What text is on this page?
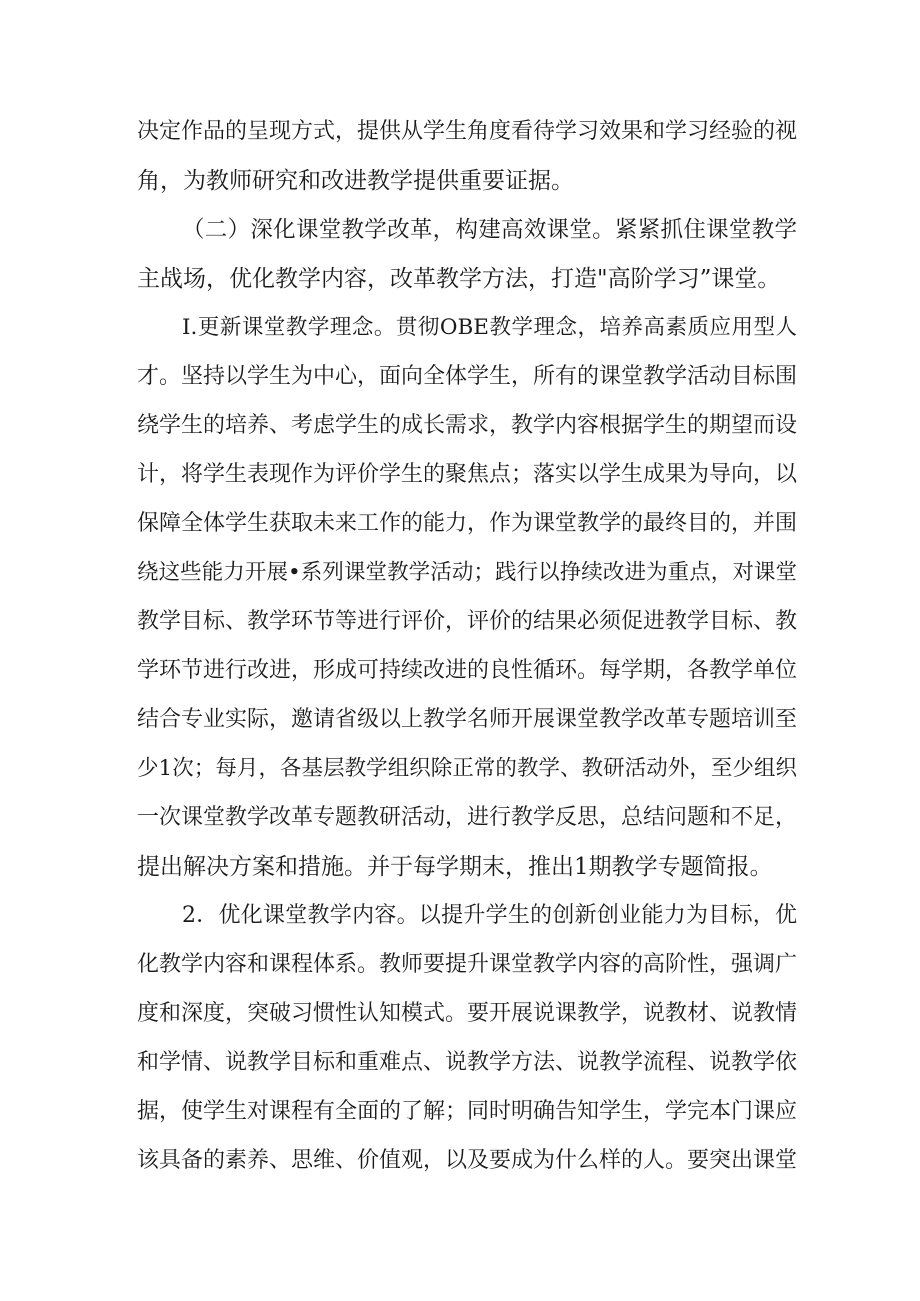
决定作品的呈现方式，提供从学生角度看待学习效果和学习经验的视
角，为教师研究和改进教学提供重要证据。
（二）深化课堂教学改革，构建高效课堂。紧紧抓住课堂教学
主战场，优化教学内容，改革教学方法，打造"高阶学习”课堂。
I.更新课堂教学理念。贯彻OBE教学理念，培养高素质应用型人
才。坚持以学生为中心，面向全体学生，所有的课堂教学活动目标围
绕学生的培养、考虑学生的成长需求，教学内容根据学生的期望而设
计，将学生表现作为评价学生的聚焦点；落实以学生成果为导向，以
保障全体学生获取未来工作的能力，作为课堂教学的最终目的，并围
绕这些能力开展•系列课堂教学活动；践行以挣续改进为重点，对课堂
教学目标、教学环节等进行评价，评价的结果必须促进教学目标、教
学环节进行改进，形成可持续改进的良性循环。每学期，各教学单位
结合专业实际，邀请省级以上教学名师开展课堂教学改革专题培训至
少1次；每月，各基层教学组织除正常的教学、教研活动外，至少组织
一次课堂教学改革专题教研活动，进行教学反思，总结问题和不足，
提出解决方案和措施。并于每学期末，推出1期教学专题简报。
2．优化课堂教学内容。以提升学生的创新创业能力为目标，优
化教学内容和课程体系。教师要提升课堂教学内容的高阶性，强调广
度和深度，突破习惯性认知模式。要开展说课教学，说教材、说教情
和学情、说教学目标和重难点、说教学方法、说教学流程、说教学依
据，使学生对课程有全面的了解；同时明确告知学生，学完本门课应
该具备的素养、思维、价值观，以及要成为什么样的人。要突出课堂
